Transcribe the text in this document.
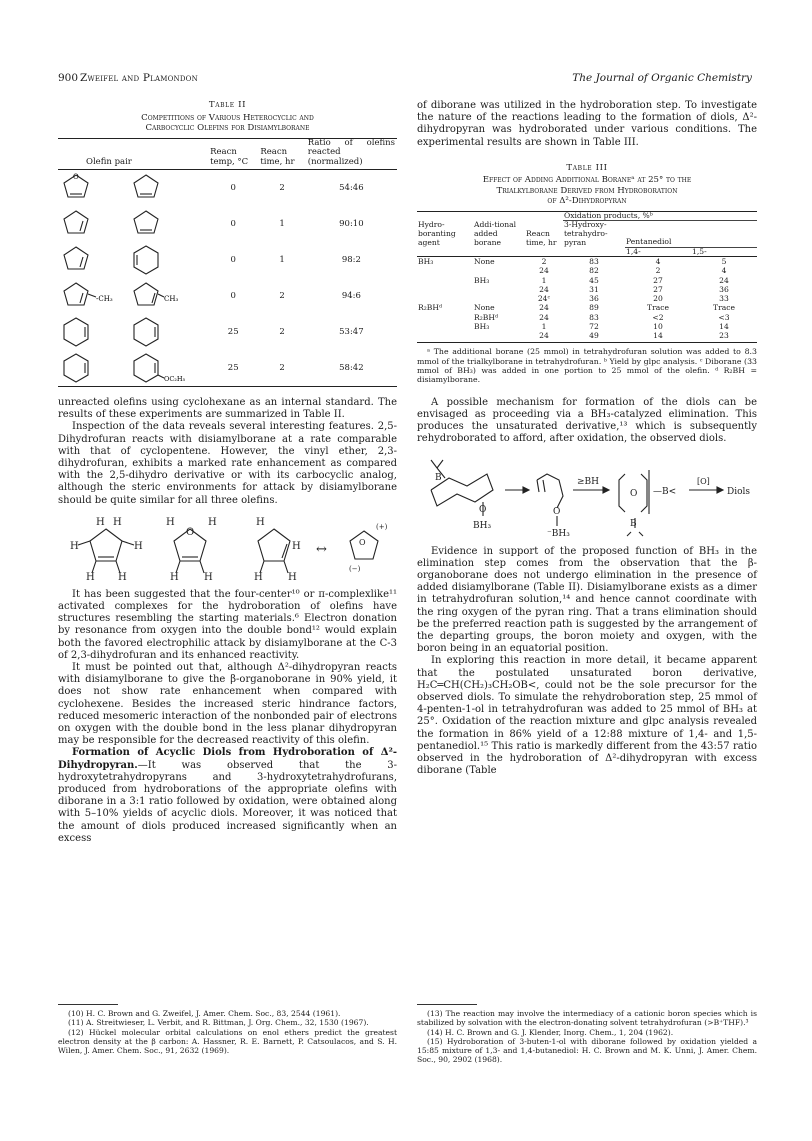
900 Zweifel and Plamondon	The Journal of Organic Chemistry
Table II
Competitions of Various Heterocyclic and
Carbocyclic Olefins for Disiamylborane
Olefin pair	Reacn temp, °C	Reacn time, hr	Ratio of olefins reacted (normalized)

O	0	2	54:46
	0	1	90:10
	0	1	98:2

-CH₃ CH₃	0	2	94:6
	25	2	53:47

OC₂H₅	25	2	58:42

unreacted olefins using cyclohexane as an internal standard. The results of these experiments are summarized in Table II.

Inspection of the data reveals several interesting features. 2,5-Dihydrofuran reacts with disiamylborane at a rate comparable with that of cyclopentene. However, the vinyl ether, 2,3-dihydrofuran, exhibits a marked rate enhancement as compared with the 2,5-dihydro derivative or with its carbocyclic analog, although the steric environments for attack by disiamylborane should be quite similar for all three olefins.

H H
H	H
H H
H
O
H
H	H
H
H
H	H
↔	O
(+)
(−)

It has been suggested that the four-center¹⁰ or π-complexlike¹¹ activated complexes for the hydroboration of olefins have structures resembling the starting materials.⁶ Electron donation by resonance from oxygen into the double bond¹² would explain both the favored electrophilic attack by disiamylborane at the C-3 of 2,3-dihydrofuran and its enhanced reactivity.

It must be pointed out that, although Δ²-dihydropyran reacts with disiamylborane to give the β-organoborane in 90% yield, it does not show rate enhancement when compared with cyclohexene. Besides the increased steric hindrance factors, reduced mesomeric interaction of the nonbonded pair of electrons on oxygen with the double bond in the less planar dihydropyran may be responsible for the decreased reactivity of this olefin.

Formation of Acyclic Diols from Hydroboration of Δ²-Dihydropyran.—It was observed that the 3-hydroxytetrahydropyrans and 3-hydroxytetrahydrofurans, produced from hydroborations of the appropriate olefins with diborane in a 3:1 ratio followed by oxidation, were obtained along with 5–10% yields of acyclic diols. Moreover, it was noticed that the amount of diols produced increased significantly when an excess

of diborane was utilized in the hydroboration step. To investigate the nature of the reactions leading to the formation of diols, Δ²-dihydropyran was hydroborated under various conditions. The experimental results are shown in Table III.

Table III
Effect of Adding Additional Boraneᵃ at 25° to the
Trialkylborane Derived from Hydroboration
of Δ²-Dihydropyran
Hydro-boranting agent	Addi-tional added borane	Reacn time, hr	Oxidation products, %ᵇ		
			3-Hydroxy-tetrahydro-pyran	Pentanediol	
				1,4-	1,5-
BH₃	None	2	83	4	5
		24	82	2	4
	BH₃	1	45	27	24
		24	31	27	36
		24ᶜ	36	20	33
R₂BHᵈ	None	24	89	Trace	Trace
	R₂BHᵈ	24	83	<2	<3
	BH₃	1	72	10	14
		24	49	14	23

ᵃ The additional borane (25 mmol) in tetrahydrofuran solution was added to 8.3 mmol of the trialkylborane in tetrahydrofuran. ᵇ Yield by glpc analysis. ᶜ Diborane (33 mmol of BH₃) was added in one portion to 25 mmol of the olefin. ᵈ R₂BH = disiamylborane.

A possible mechanism for formation of the diols can be envisaged as proceeding via a BH₃-catalyzed elimination. This produces the unsaturated derivative,¹³ which is subsequently rehydroborated to afford, after oxidation, the observed diols.

B
O
BH₃
O
⁻BH₃
≥BH
O
B
—B<
[O]
Diols

Evidence in support of the proposed function of BH₃ in the elimination step comes from the observation that the β-organoborane does not undergo elimination in the presence of added disiamylborane (Table II). Disiamylborane exists as a dimer in tetrahydrofuran solution,¹⁴ and hence cannot coordinate with the ring oxygen of the pyran ring. That a trans elimination should be the preferred reaction path is suggested by the arrangement of the departing groups, the boron moiety and oxygen, with the boron being in an equatorial position.

In exploring this reaction in more detail, it became apparent that the postulated unsaturated boron derivative, H₂C═CH(CH₂)₃CH₂OB<, could not be the sole precursor for the observed diols. To simulate the rehydroboration step, 25 mmol of 4-penten-1-ol in tetrahydrofuran was added to 25 mmol of BH₃ at 25°. Oxidation of the reaction mixture and glpc analysis revealed the formation in 86% yield of a 12:88 mixture of 1,4- and 1,5-pentanediol.¹⁵ This ratio is markedly different from the 43:57 ratio observed in the hydroboration of Δ²-dihydropyran with excess diborane (Table

(10) H. C. Brown and G. Zweifel, J. Amer. Chem. Soc., 83, 2544 (1961).

(11) A. Streitwieser, L. Verbit, and R. Bittman, J. Org. Chem., 32, 1530 (1967).

(12) Hückel molecular orbital calculations on enol ethers predict the greatest electron density at the β carbon: A. Hassner, R. E. Barnett, P. Catsoulacos, and S. H. Wilen, J. Amer. Chem. Soc., 91, 2632 (1969).

(13) The reaction may involve the intermediacy of a cationic boron species which is stabilized by solvation with the electron-donating solvent tetrahydrofuran (>B⁺THF).³

(14) H. C. Brown and G. J. Klender, Inorg. Chem., 1, 204 (1962).

(15) Hydroboration of 3-buten-1-ol with diborane followed by oxidation yielded a 15:85 mixture of 1,3- and 1,4-butanediol: H. C. Brown and M. K. Unni, J. Amer. Chem. Soc., 90, 2902 (1968).
